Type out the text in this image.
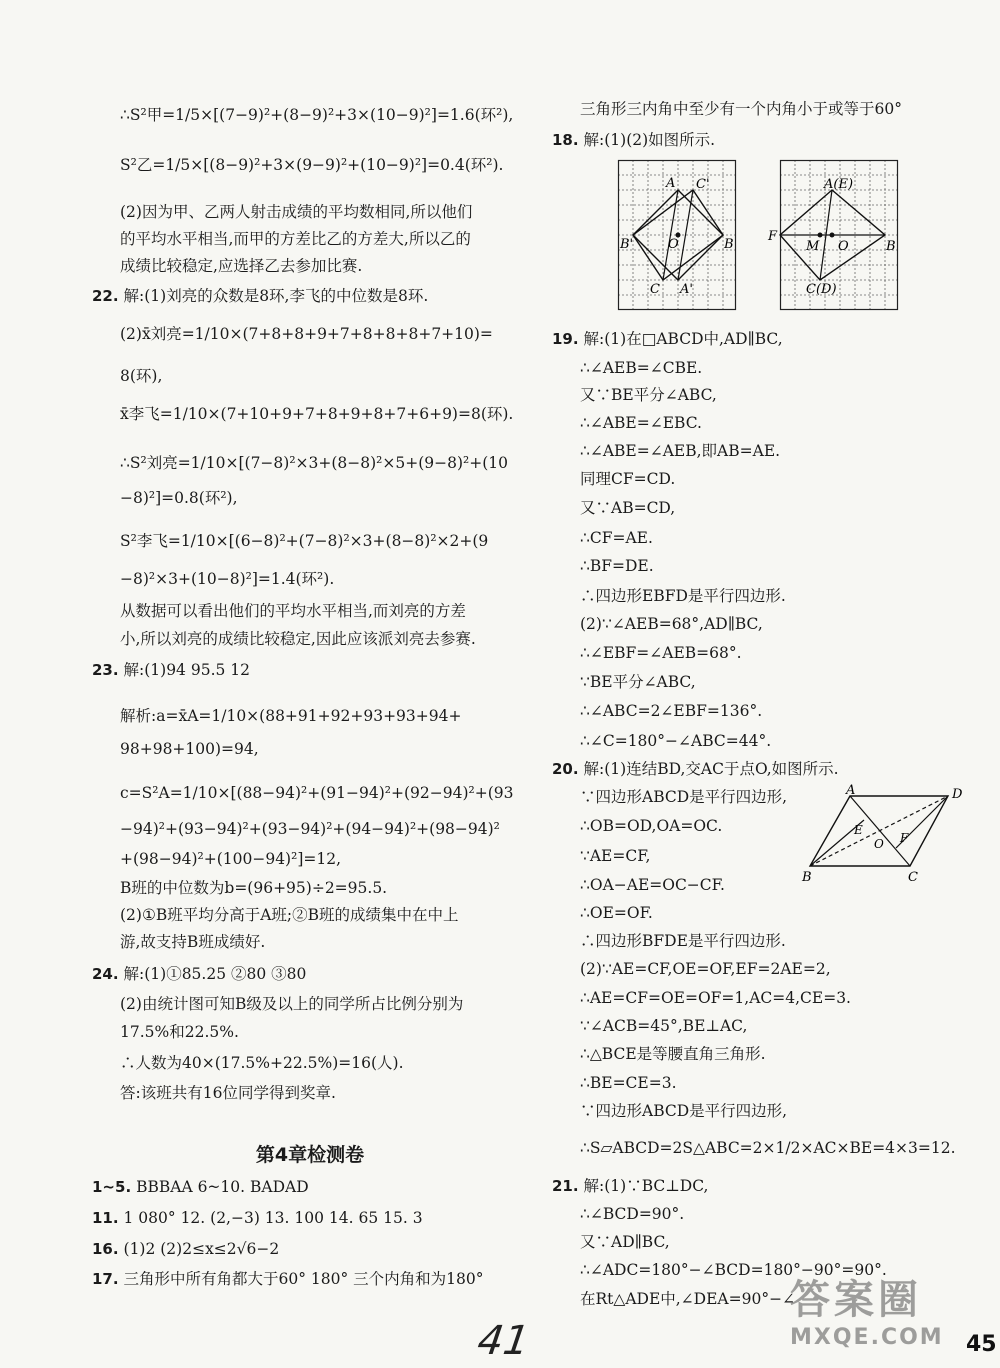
∴S²甲=1/5×[(7−9)²+(8−9)²+3×(10−9)²]=1.6(环²),
S²乙=1/5×[(8−9)²+3×(9−9)²+(10−9)²]=0.4(环²).
(2)因为甲、乙两人射击成绩的平均数相同,所以他们
的平均水平相当,而甲的方差比乙的方差大,所以乙的
成绩比较稳定,应选择乙去参加比赛.
22. 解:(1)刘亮的众数是8环,李飞的中位数是8环.
(2)x̄刘亮=1/10×(7+8+8+9+7+8+8+8+7+10)=
8(环),
x̄李飞=1/10×(7+10+9+7+8+9+8+7+6+9)=8(环).
∴S²刘亮=1/10×[(7−8)²×3+(8−8)²×5+(9−8)²+(10
−8)²]=0.8(环²),
S²李飞=1/10×[(6−8)²+(7−8)²×3+(8−8)²×2+(9
−8)²×3+(10−8)²]=1.4(环²).
从数据可以看出他们的平均水平相当,而刘亮的方差
小,所以刘亮的成绩比较稳定,因此应该派刘亮去参赛.
23. 解:(1)94 95.5 12
解析:a=x̄A=1/10×(88+91+92+93+93+94+
98+98+100)=94,
c=S²A=1/10×[(88−94)²+(91−94)²+(92−94)²+(93
−94)²+(93−94)²+(93−94)²+(94−94)²+(98−94)²
+(98−94)²+(100−94)²]=12,
B班的中位数为b=(96+95)÷2=95.5.
(2)①B班平均分高于A班;②B班的成绩集中在中上
游,故支持B班成绩好.
24. 解:(1)①85.25 ②80 ③80
(2)由统计图可知B级及以上的同学所占比例分别为
17.5%和22.5%.
∴人数为40×(17.5%+22.5%)=16(人).
答:该班共有16位同学得到奖章.
第4章检测卷
1~5. BBBAA 6~10. BADAD
11. 1 080° 12. (2,−3) 13. 100 14. 65 15. 3
16. (1)2 (2)2≤x≤2√6−2
17. 三角形中所有角都大于60° 180° 三个内角和为180°
三角形三内角中至少有一个内角小于或等于60°
18. 解:(1)(2)如图所示.
A C'
B'	O	B
C A'
A(E)
F
M O	B
C(D)
19. 解:(1)在□ABCD中,AD∥BC,
∴∠AEB=∠CBE.
又∵BE平分∠ABC,
∴∠ABE=∠EBC.
∴∠ABE=∠AEB,即AB=AE.
同理CF=CD.
又∵AB=CD,
∴CF=AE.
∴BF=DE.
∴四边形EBFD是平行四边形.
(2)∵∠AEB=68°,AD∥BC,
∴∠EBF=∠AEB=68°.
∵BE平分∠ABC,
∴∠ABC=2∠EBF=136°.
∴∠C=180°−∠ABC=44°.
20. 解:(1)连结BD,交AC于点O,如图所示.
∵四边形ABCD是平行四边形,
∴OB=OD,OA=OC.
∵AE=CF,
∴OA−AE=OC−CF.
∴OE=OF.
∴四边形BFDE是平行四边形.
A	D
E
O F
B	C
(2)∵AE=CF,OE=OF,EF=2AE=2,
∴AE=CF=OE=OF=1,AC=4,CE=3.
∵∠ACB=45°,BE⊥AC,
∴△BCE是等腰直角三角形.
∴BE=CE=3.
∵四边形ABCD是平行四边形,
∴S▱ABCD=2S△ABC=2×1/2×AC×BE=4×3=12.
21. 解:(1)∵BC⊥DC,
∴∠BCD=90°.
又∵AD∥BC,
∴∠ADC=180°−∠BCD=180°−90°=90°.
在Rt△ADE中,∠DEA=90°−∠
41
答案圈
MXQE.COM	45
